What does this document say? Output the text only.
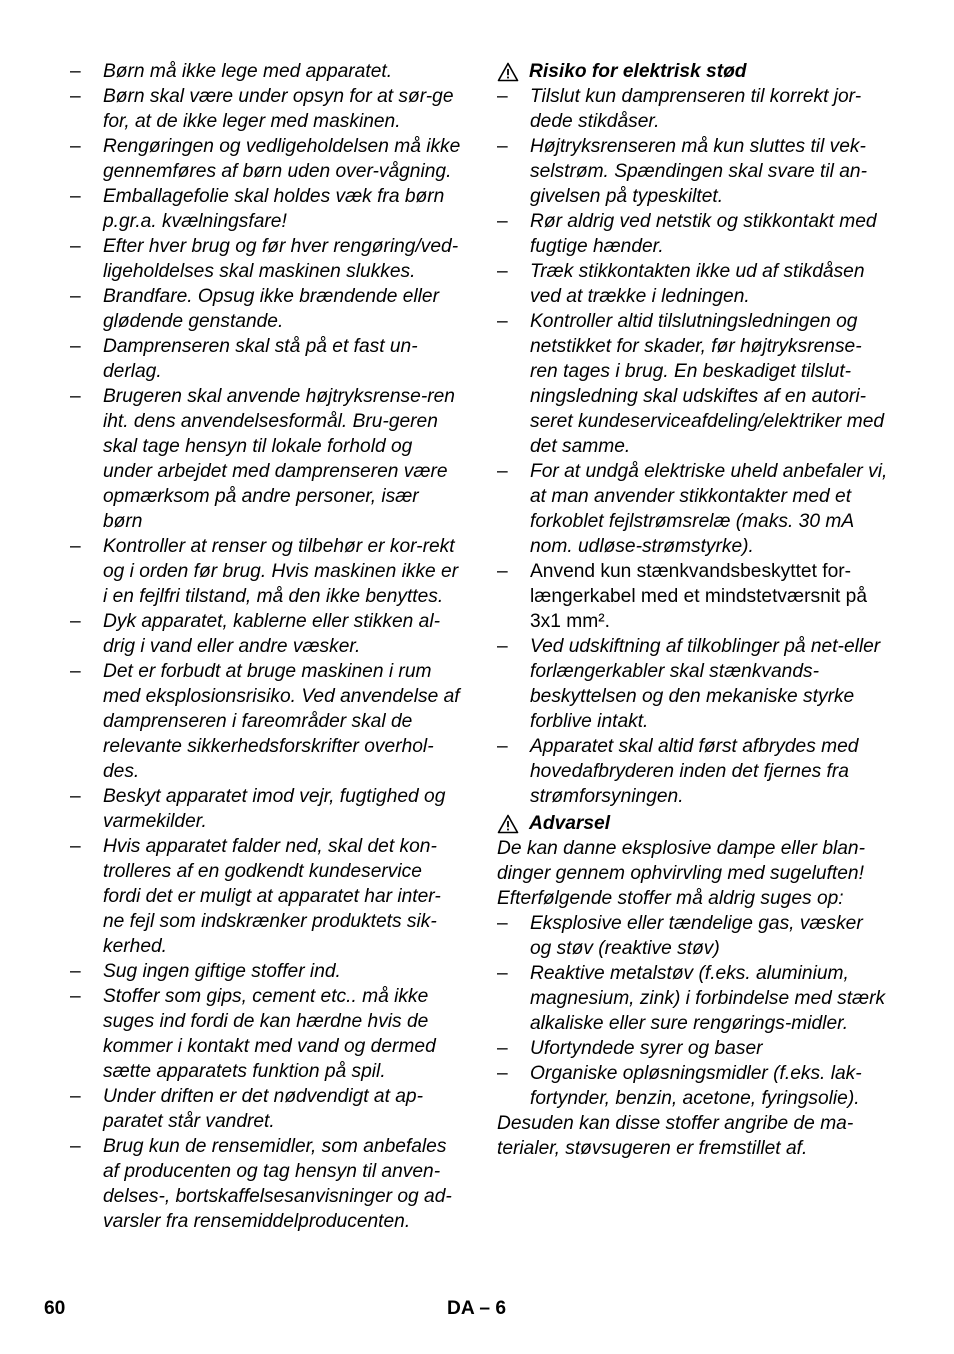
– Børn må ikke lege med apparatet.
– Børn skal være under opsyn for at sør-ge for, at de ikke leger med maskinen.
– Rengøringen og vedligeholdelsen må ikke gennemføres af børn uden over-vågning.
– Emballagefolie skal holdes væk fra børn p.gr.a. kvælningsfare!
– Efter hver brug og før hver rengøring/ved-ligeholdelses skal maskinen slukkes.
– Brandfare. Opsug ikke brændende eller glødende genstande.
– Damprenseren skal stå på et fast un-derlag.
– Brugeren skal anvende højtryksrense-ren iht. dens anvendelsesformål. Bru-geren skal tage hensyn til lokale forhold og under arbejdet med damprenseren være opmærksom på andre personer, især børn
– Kontroller at renser og tilbehør er kor-rekt og i orden før brug. Hvis maskinen ikke er i en fejlfri tilstand, må den ikke benyttes.
– Dyk apparatet, kablerne eller stikken al-drig i vand eller andre væsker.
– Det er forbudt at bruge maskinen i rum med eksplosionsrisiko. Ved anvendelse af damprenseren i fareområder skal de relevante sikkerhedsforskrifter overhol-des.
– Beskyt apparatet imod vejr, fugtighed og varmekilder.
– Hvis apparatet falder ned, skal det kon-trolleres af en godkendt kundeservice fordi det er muligt at apparatet har inter-ne fejl som indskrænker produktets sik-kerhed.
– Sug ingen giftige stoffer ind.
– Stoffer som gips, cement etc.. må ikke suges ind fordi de kan hærdne hvis de kommer i kontakt med vand og dermed sætte apparatets funktion på spil.
– Under driften er det nødvendigt at ap-paratet står vandret.
– Brug kun de rensemidler, som anbefales af producenten og tag hensyn til anven-delses-, bortskaffelsesanvisninger og ad-varsler fra rensemiddelproducenten.
Risiko for elektrisk stød
– Tilslut kun damprenseren til korrekt jor-dede stikdåser.
– Højtryksrenseren må kun sluttes til vek-selstrøm. Spændingen skal svare til an-givelsen på typeskiltet.
– Rør aldrig ved netstik og stikkontakt med fugtige hænder.
– Træk stikkontakten ikke ud af stikdåsen ved at trække i ledningen.
– Kontroller altid tilslutningsledningen og netstikket for skader, før højtryksrense-ren tages i brug. En beskadiget tilslut-ningsledning skal udskiftes af en autori-seret kundeserviceafdeling/elektriker med det samme.
– For at undgå elektriske uheld anbefaler vi, at man anvender stikkontakter med et forkoblet fejlstrømsrelæ (maks. 30 mA nom. udløse-strømstyrke).
– Anvend kun stænkvandsbeskyttet for-længerkabel med et mindstetværsnit på 3x1 mm².
– Ved udskiftning af tilkoblinger på net-eller forlængerkabler skal stænkvands-beskyttelsen og den mekaniske styrke forblive intakt.
– Apparatet skal altid først afbrydes med hovedafbryderen inden det fjernes fra strømforsyningen.
Advarsel
De kan danne eksplosive dampe eller blan-dinger gennem ophvirvling med sugeluften! Efterfølgende stoffer må aldrig suges op:
– Eksplosive eller tændelige gas, væsker og støv (reaktive støv)
– Reaktive metalstøv (f.eks. aluminium, magnesium, zink) i forbindelse med stærk alkaliske eller sure rengørings-midler.
– Ufortyndede syrer og baser
– Organiske opløsningsmidler (f.eks. lak-fortynder, benzin, acetone, fyringsolie).
Desuden kan disse stoffer angribe de ma-terialer, støvsugeren er fremstillet af.
60	DA – 6
